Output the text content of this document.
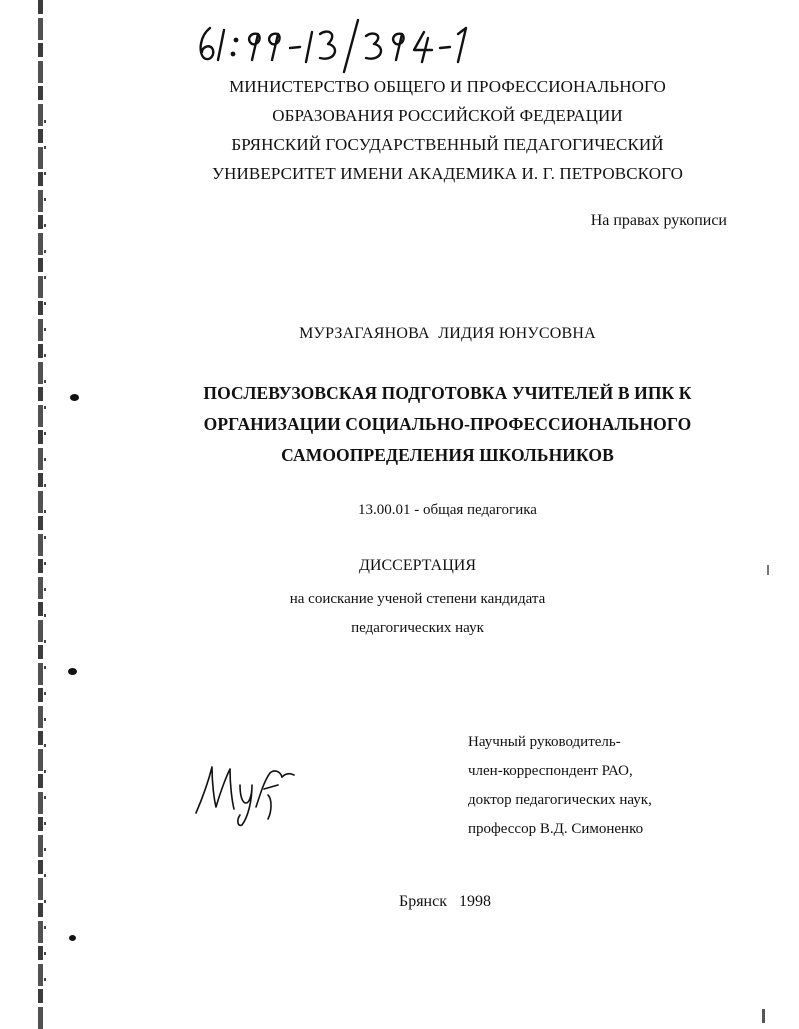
МИНИСТЕРСТВО ОБЩЕГО И ПРОФЕССИОНАЛЬНОГО
ОБРАЗОВАНИЯ РОССИЙСКОЙ ФЕДЕРАЦИИ
БРЯНСКИЙ ГОСУДАРСТВЕННЫЙ ПЕДАГОГИЧЕСКИЙ
УНИВЕРСИТЕТ ИМЕНИ АКАДЕМИКА И. Г. ПЕТРОВСКОГО
На правах рукописи
МУРЗАГАЯНОВА  ЛИДИЯ ЮНУСОВНА
ПОСЛЕВУЗОВСКАЯ ПОДГОТОВКА УЧИТЕЛЕЙ В ИПК К
ОРГАНИЗАЦИИ СОЦИАЛЬНО-ПРОФЕССИОНАЛЬНОГО
САМООПРЕДЕЛЕНИЯ ШКОЛЬНИКОВ
13.00.01 - общая педагогика
ДИССЕРТАЦИЯ
на соискание ученой степени кандидата
педагогических наук
Научный руководитель-
член-корреспондент РАО,
доктор педагогических наук,
профессор В.Д. Симоненко
Брянск   1998
